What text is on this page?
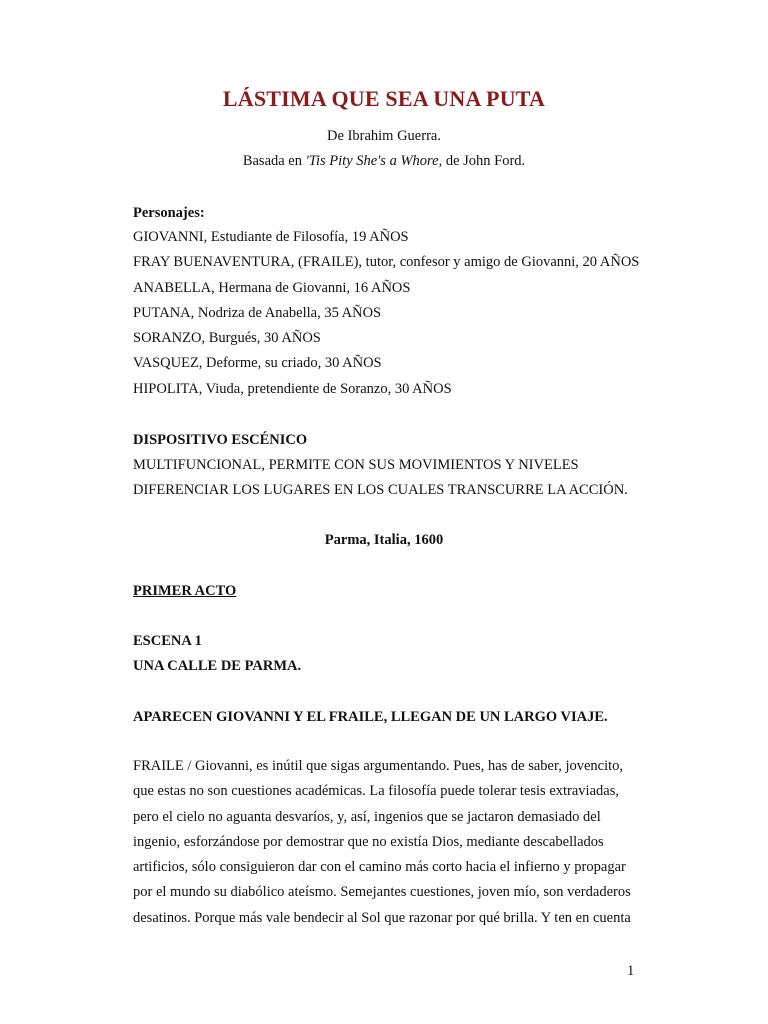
LÁSTIMA QUE SEA UNA PUTA
De Ibrahim Guerra.
Basada en 'Tis Pity She's a Whore, de John Ford.
Personajes:
GIOVANNI, Estudiante de Filosofía, 19 AÑOS
FRAY BUENAVENTURA, (FRAILE), tutor, confesor y amigo de Giovanni, 20 AÑOS
ANABELLA, Hermana de Giovanni, 16 AÑOS
PUTANA, Nodriza de Anabella, 35 AÑOS
SORANZO, Burgués, 30 AÑOS
VASQUEZ, Deforme, su criado, 30 AÑOS
HIPOLITA, Viuda, pretendiente de Soranzo, 30 AÑOS
DISPOSITIVO ESCÉNICO
MULTIFUNCIONAL, PERMITE CON SUS MOVIMIENTOS Y NIVELES
DIFERENCIAR LOS LUGARES EN LOS CUALES TRANSCURRE LA ACCIÓN.
Parma, Italia, 1600
PRIMER ACTO
ESCENA 1
UNA CALLE DE PARMA.
APARECEN GIOVANNI Y EL FRAILE, LLEGAN DE UN LARGO VIAJE.
FRAILE / Giovanni, es inútil que sigas argumentando. Pues, has de saber, jovencito,
que estas no son cuestiones académicas. La filosofía puede tolerar tesis extraviadas,
pero el cielo no aguanta desvaríos, y, así, ingenios que se jactaron demasiado del
ingenio, esforzándose por demostrar que no existía Dios, mediante descabellados
artificios, sólo consiguieron dar con el camino más corto hacia el infierno y propagar
por el mundo su diabólico ateísmo. Semejantes cuestiones, joven mío, son verdaderos
desatinos. Porque más vale bendecir al Sol que razonar por qué brilla. Y ten en cuenta
1
